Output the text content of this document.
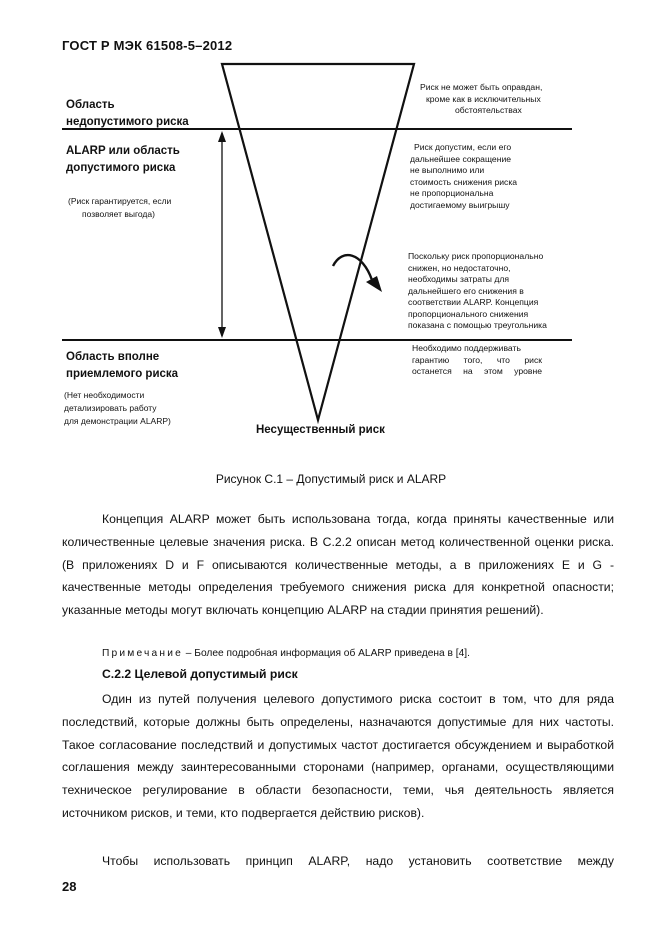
ГОСТ Р МЭК 61508-5–2012
Область
недопустимого риска
ALARP или область
допустимого риска
(Риск гарантируется, если
позволяет выгода)
Область вполне
приемлемого риска
(Нет необходимости
детализировать работу
для демонстрации ALARP)
Риск не может быть оправдан,
кроме как в исключительных
обстоятельствах
Риск допустим, если его
дальнейшее сокращение
не выполнимо или
стоимость снижения риска
не пропорциональна
достигаемому выигрышу
Поскольку риск пропорционально
снижен, но недостаточно,
необходимы затраты для
дальнейшего его снижения в
соответствии ALARP. Концепция
пропорционального снижения
показана с помощью треугольника
Необходимо поддерживать
гарантию того, что риск
останется на этом уровне
Несущественный риск
Рисунок С.1 – Допустимый риск и ALARP

Концепция ALARP может быть использована тогда, когда приняты качественные или количественные целевые значения риска. В С.2.2 описан метод количественной оценки риска. (В приложениях D и F описываются количественные методы, а в приложениях Е и G - качественные методы определения требуемого снижения риска для конкретной опасности; указанные методы могут включать концепцию ALARP на стадии принятия решений).

Примечание – Более подробная информация об ALARP приведена в [4].
С.2.2 Целевой допустимый риск

Один из путей получения целевого допустимого риска состоит в том, что для ряда последствий, которые должны быть определены, назначаются допустимые для них частоты. Такое согласование последствий и допустимых частот достигается обсуждением и выработкой соглашения между заинтересованными сторонами (например, органами, осуществляющими техническое регулирование в области безопасности, теми, чья деятельность является источником рисков, и теми, кто подвергается действию рисков).

Чтобы использовать принцип ALARP, надо установить соответствие между

28
